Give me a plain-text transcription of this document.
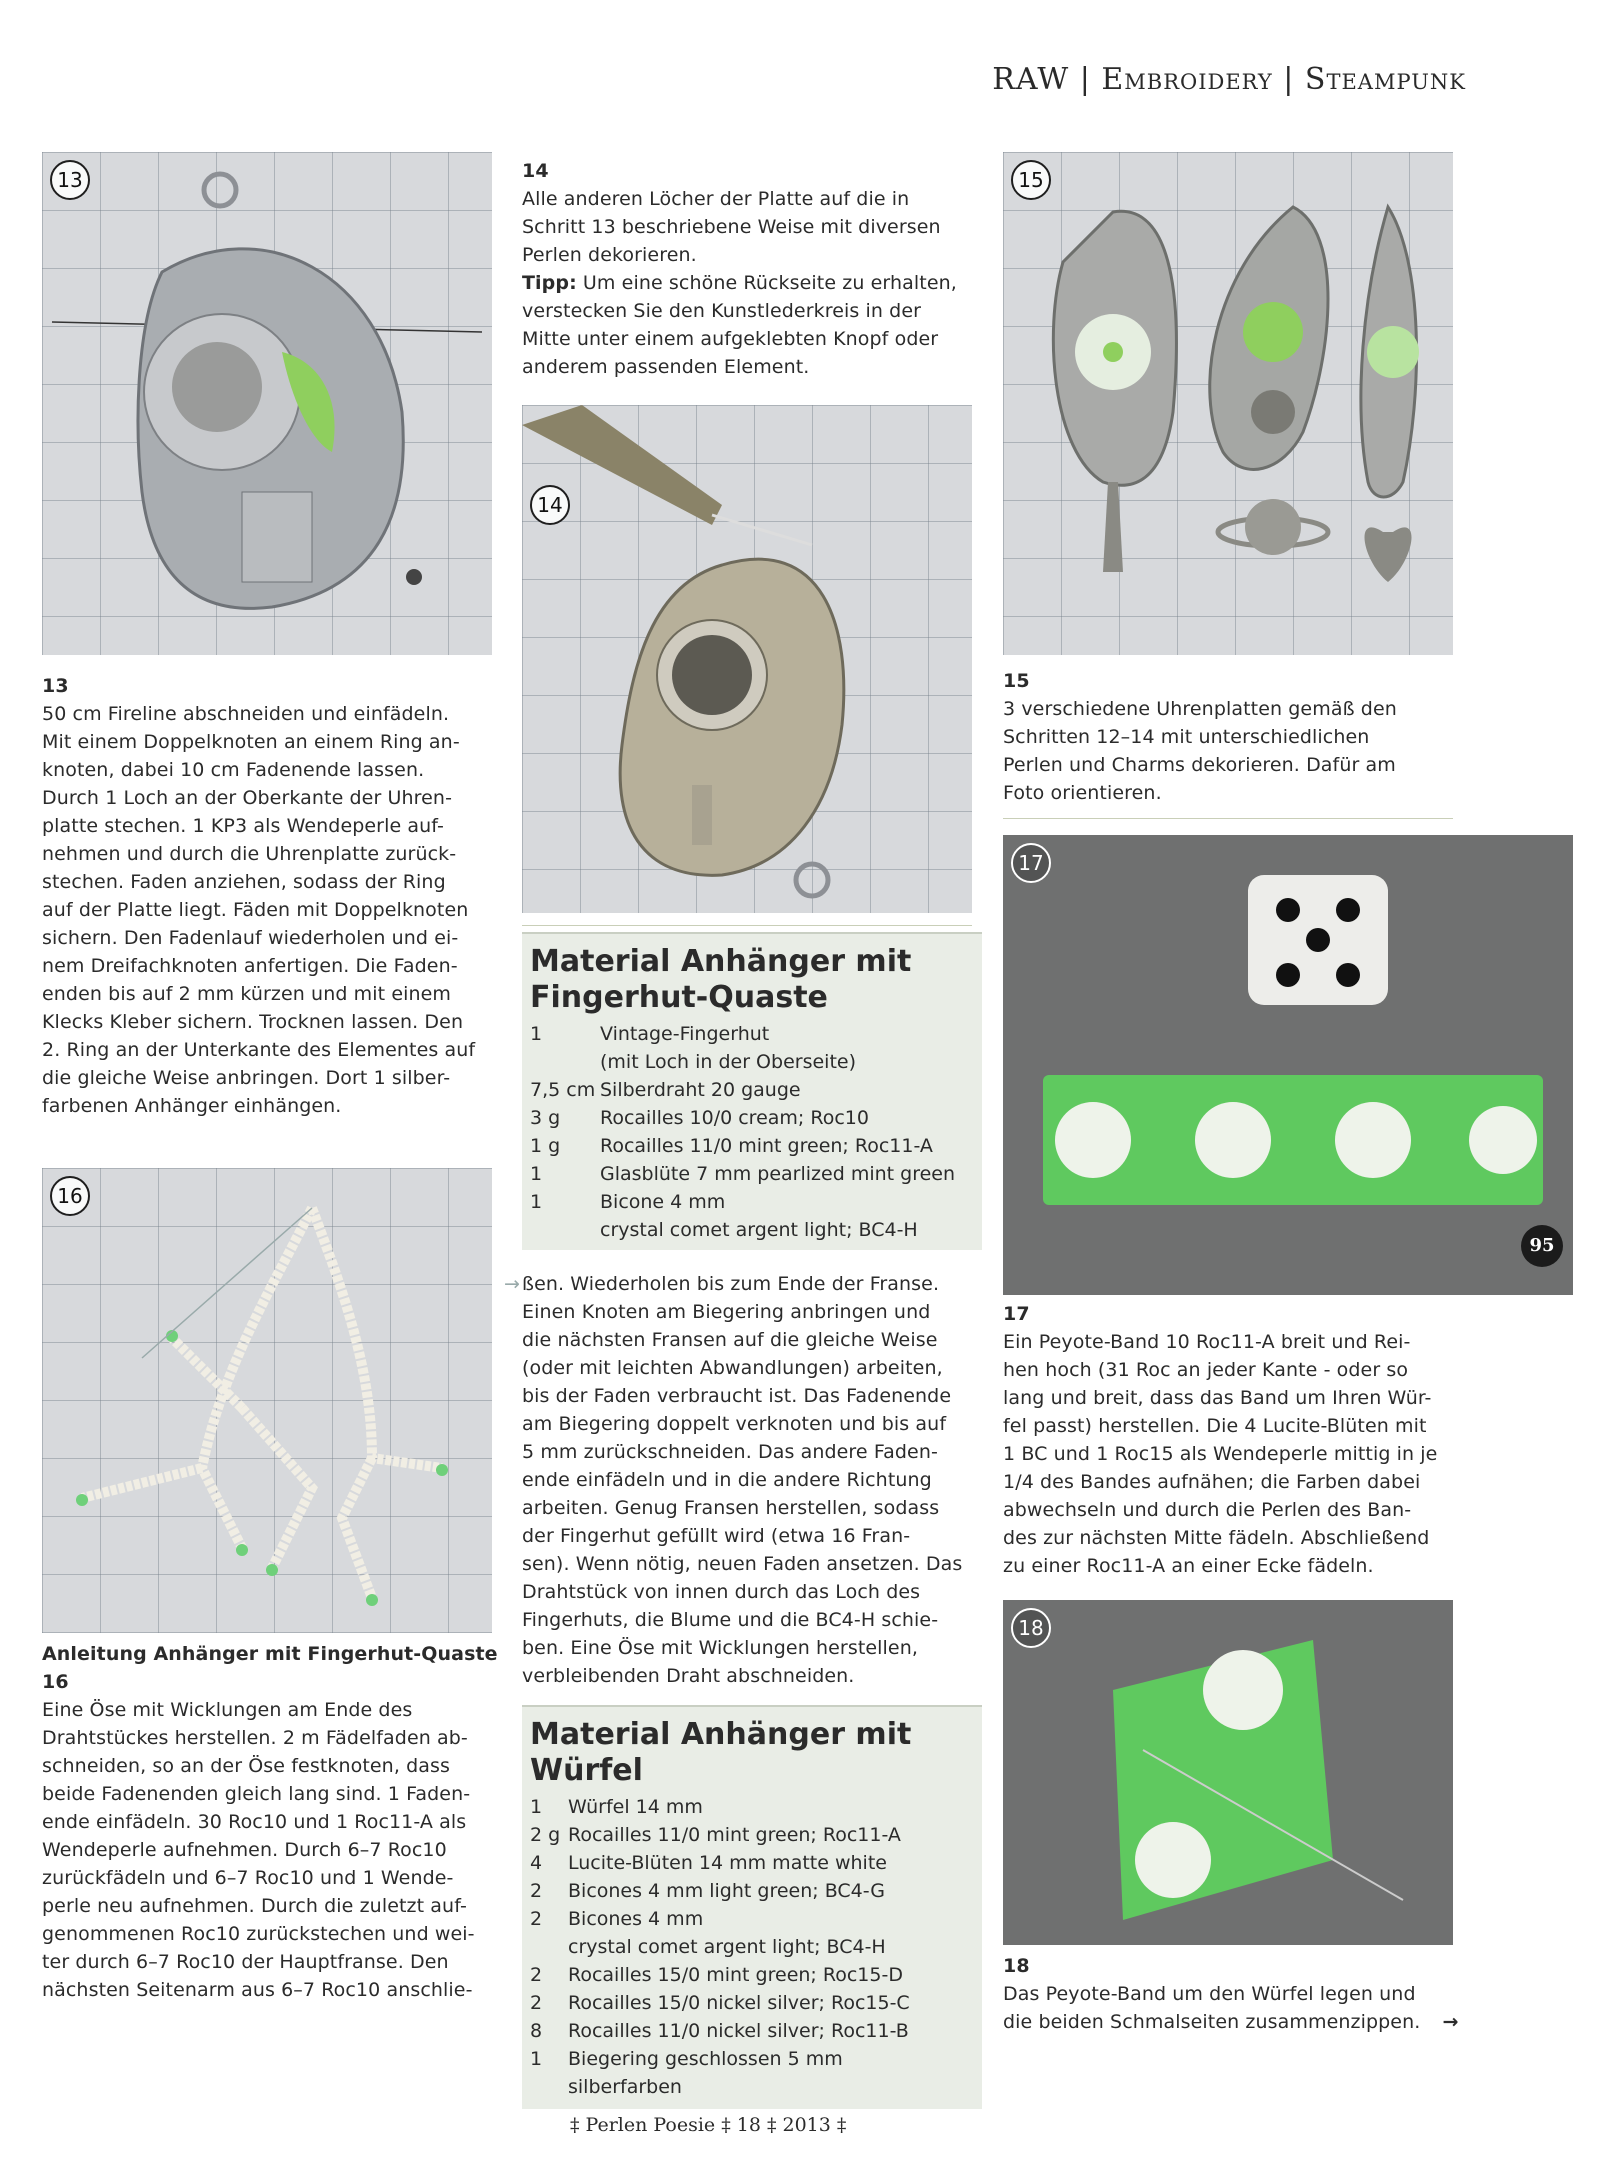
RAW | Embroidery | Steampunk
13
13
50 cm Fireline abschneiden und einfädeln.
Mit einem Doppelknoten an einem Ring an-
knoten, dabei 10 cm Fadenende lassen.
Durch 1 Loch an der Oberkante der Uhren-
platte stechen. 1 KP3 als Wendeperle auf-
nehmen und durch die Uhrenplatte zurück-
stechen. Faden anziehen, sodass der Ring
auf der Platte liegt. Fäden mit Doppelknoten
sichern. Den Fadenlauf wiederholen und ei-
nem Dreifachknoten anfertigen. Die Faden-
enden bis auf 2 mm kürzen und mit einem
Klecks Kleber sichern. Trocknen lassen. Den
2. Ring an der Unterkante des Elementes auf
die gleiche Weise anbringen. Dort 1 silber-
farbenen Anhänger einhängen.
16
Anleitung Anhänger mit Fingerhut-Quaste
16
Eine Öse mit Wicklungen am Ende des
Drahtstückes herstellen. 2 m Fädelfaden ab-
schneiden, so an der Öse festknoten, dass
beide Fadenenden gleich lang sind. 1 Faden-
ende einfädeln. 30 Roc10 und 1 Roc11-A als
Wendeperle aufnehmen. Durch 6–7 Roc10
zurückfädeln und 6–7 Roc10 und 1 Wende-
perle neu aufnehmen. Durch die zuletzt auf-
genommenen Roc10 zurückstechen und wei-
ter durch 6–7 Roc10 der Hauptfranse. Den
nächsten Seitenarm aus 6–7 Roc10 anschlie-
14
Alle anderen Löcher der Platte auf die in
Schritt 13 beschriebene Weise mit diversen
Perlen dekorieren.
Tipp: Um eine schöne Rückseite zu erhalten,
verstecken Sie den Kunstlederkreis in der
Mitte unter einem aufgeklebten Knopf oder
anderem passenden Element.
14
Material Anhänger mit
Fingerhut-Quaste
1	Vintage-Fingerhut
(mit Loch in der Oberseite)
7,5 cm Silberdraht 20 gauge
3 g	Rocailles 10/0 cream; Roc10
1 g	Rocailles 11/0 mint green; Roc11-A
1	Glasblüte 7 mm pearlized mint green
1	Bicone 4 mm
crystal comet argent light; BC4-H
→ ßen. Wiederholen bis zum Ende der Franse.
Einen Knoten am Biegering anbringen und
die nächsten Fransen auf die gleiche Weise
(oder mit leichten Abwandlungen) arbeiten,
bis der Faden verbraucht ist. Das Fadenende
am Biegering doppelt verknoten und bis auf
5 mm zurückschneiden. Das andere Faden-
ende einfädeln und in die andere Richtung
arbeiten. Genug Fransen herstellen, sodass
der Fingerhut gefüllt wird (etwa 16 Fran-
sen). Wenn nötig, neuen Faden ansetzen. Das
Drahtstück von innen durch das Loch des
Fingerhuts, die Blume und die BC4-H schie-
ben. Eine Öse mit Wicklungen herstellen,
verbleibenden Draht abschneiden.
Material Anhänger mit
Würfel
1	Würfel 14 mm
2 g Rocailles 11/0 mint green; Roc11-A
4	Lucite-Blüten 14 mm matte white
2	Bicones 4 mm light green; BC4-G
2	Bicones 4 mm
crystal comet argent light; BC4-H
2	Rocailles 15/0 mint green; Roc15-D
2	Rocailles 15/0 nickel silver; Roc15-C
8	Rocailles 11/0 nickel silver; Roc11-B
1	Biegering geschlossen 5 mm
silberfarben
‡ Perlen Poesie ‡ 18 ‡ 2013 ‡
15
15
3 verschiedene Uhrenplatten gemäß den
Schritten 12–14 mit unterschiedlichen
Perlen und Charms dekorieren. Dafür am
Foto orientieren.
17
95
17
Ein Peyote-Band 10 Roc11-A breit und Rei-
hen hoch (31 Roc an jeder Kante - oder so
lang und breit, dass das Band um Ihren Wür-
fel passt) herstellen. Die 4 Lucite-Blüten mit
1 BC und 1 Roc15 als Wendeperle mittig in je
1/4 des Bandes aufnähen; die Farben dabei
abwechseln und durch die Perlen des Ban-
des zur nächsten Mitte fädeln. Abschließend
zu einer Roc11-A an einer Ecke fädeln.
18
18
Das Peyote-Band um den Würfel legen und
die beiden Schmalseiten zusammenzippen. →
